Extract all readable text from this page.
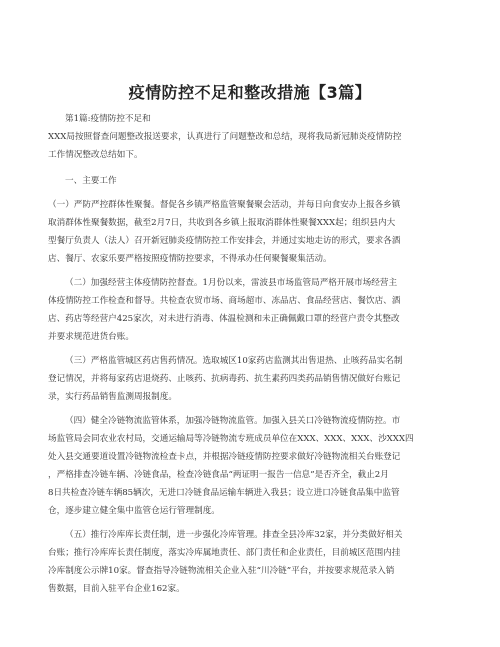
疫情防控不足和整改措施【3篇】
第1篇:疫情防控不足和
XXX局按照督查问题整改报送要求，认真进行了问题整改和总结，现将我局新冠肺炎疫情防控
工作情况整改总结如下。
一、主要工作
（一）严防严控群体性聚餐。督促各乡镇严格监管聚餐聚会活动，并每日向食安办上报各乡镇
取消群体性聚餐数据，截至2月7日，共收到各乡镇上报取消群体性聚餐XXX起；组织县内大
型餐厅负责人（法人）召开新冠肺炎疫情防控工作安排会，并通过实地走访的形式，要求各酒
店、餐厅、农家乐要严格按照疫情防控要求，不得承办任何聚餐聚集活动。
（二）加强经营主体疫情防控督查。1月份以来，雷波县市场监管局严格开展市场经营主
体疫情防控工作检查和督导。共检查农贸市场、商场超市、冻品店、食品经营店、餐饮店、酒
店、药店等经营户425家次，对未进行消毒、体温检测和未正确佩戴口罩的经营户责令其整改
并要求规范进货台账。
（三）严格监管城区药店售药情况。选取城区10家药店监测其出售退热、止咳药品实名制
登记情况，并将每家药店退烧药、止咳药、抗病毒药、抗生素药四类药品销售情况做好台账记
录，实行药品销售监测周报制度。
（四）健全冷链物流监管体系，加强冷链物流监管。加强入县关口冷链物流疫情防控。市
场监管局会同农业农村局，交通运输局等冷链物流专班成员单位在XXX、XXX、XXX、沙XXX四
处入县交通要道设置冷链物流检查卡点，并根据冷链疫情防控要求做好冷链物流相关台账登记
，严格排查冷链车辆、冷链食品，检查冷链食品“两证明一报告一信息”是否齐全，截止2月
8日共检查冷链车辆85辆次，无进口冷链食品运输车辆进入我县；设立进口冷链食品集中监管
仓，逐步建立健全集中监管仓运行管理制度。
（五）推行冷库库长责任制，进一步强化冷库管理。排查全县冷库32家，并分类做好相关
台账；推行冷库库长责任制度，落实冷库属地责任、部门责任和企业责任，目前城区范围内挂
冷库制度公示牌10家。督查指导冷链物流相关企业入驻“川冷链”平台，并按要求规范录入销
售数据，目前入驻平台企业162家。
